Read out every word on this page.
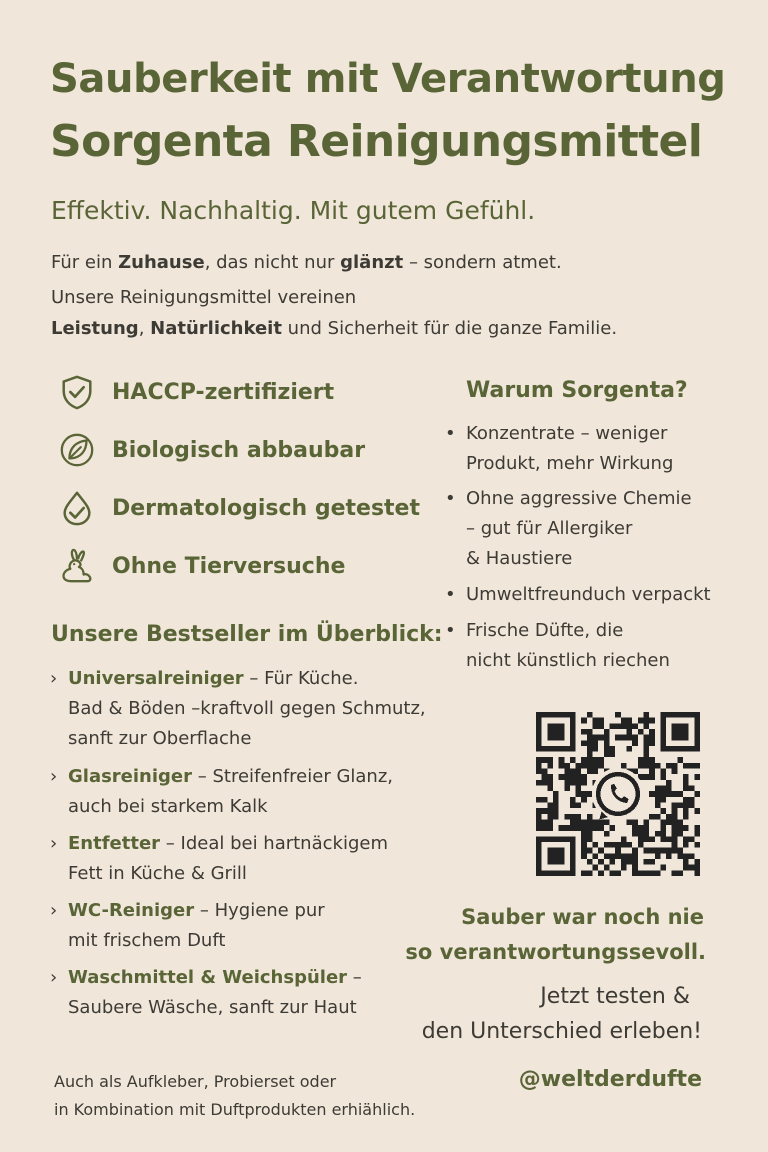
Sauberkeit mit Verantwortung
Sorgenta Reinigungsmittel
Effektiv. Nachhaltig. Mit gutem Gefühl.
Für ein Zuhause, das nicht nur glänzt – sondern atmet.
Unsere Reinigungsmittel vereinen
Leistung, Natürlichkeit und Sicherheit für die ganze Familie.
HACCP-zertifiziert
Biologisch abbaubar
Dermatologisch getestet
Ohne Tierversuche
Unsere Bestseller im Überblick:
› Universalreiniger – Für Küche.
Bad & Böden –kraftvoll gegen Schmutz,
sanft zur Oberflache
› Glasreiniger – Streifenfreier Glanz,
auch bei starkem Kalk
› Entfetter – Ideal bei hartnäckigem
Fett in Küche & Grill
› WC-Reiniger – Hygiene pur
mit frischem Duft
› Waschmittel & Weichspüler –
Saubere Wäsche, sanft zur Haut
Warum Sorgenta?
• Konzentrate – weniger
Produkt, mehr Wirkung
• Ohne aggressive Chemie
– gut für Allergiker
& Haustiere
• Umweltfreunduch verpackt
• Frische Düfte, die
nicht künstlich riechen
Sauber war noch nie
so verantwortungssevoll.
Jetzt testen &
den Unterschied erleben!
@weltderdufte
Auch als Aufkleber, Probierset oder
in Kombination mit Duftprodukten erhiählich.
